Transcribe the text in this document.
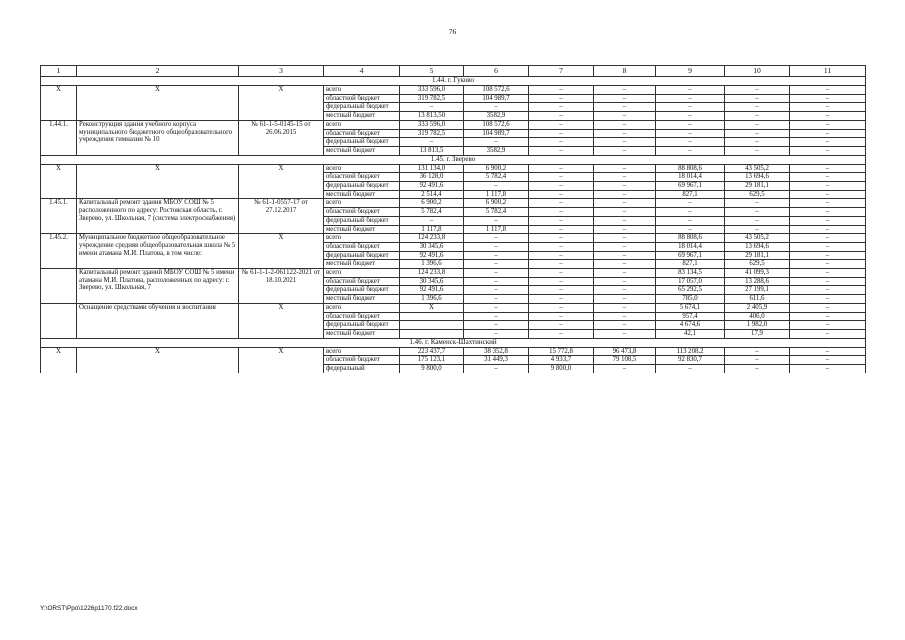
76
1	2	3	4	5	6	7	8	9	10	11
1.44. г. Гуково										
X	X	X	всего	333 596,0	108 572,6	–	–	–	–	–
			областной бюджет	319 782,5	104 989,7	–	–	–	–	–
			федеральный бюджет	–	–	–	–	–	–	–
			местный бюджет	13 813,50	3582,9	–	–	–	–	–
1.44.1.	Реконструкция здания учебного корпуса муниципального бюджетного общеобразовательного учреждения гимназии № 10	№ 61-1-5-0145-15 от 26.06.2015	всего	333 596,0	108 572,6	–	–	–	–	–
			областной бюджет	319 782,5	104 989,7	–	–	–	–	–
			федеральный бюджет	–	–	–	–	–	–	–
			местный бюджет	13 813,5	3582,9	–	–	–	–	–
1.45. г. Зверево										
X	X	X	всего	131 134,0	6 900,2	–	–	88 808,6	43 505,2	–
			областной бюджет	36 128,0	5 782,4	–	–	18 014,4	13 694,6	–
			федеральный бюджет	92 491,6	–	–	–	69 967,1	29 181,1	–
			местный бюджет	2 514,4	1 117,8	–	–	827,1	629,5	–
1.45.1.	Капитальный ремонт здания МБОУ СОШ № 5 расположенного по адресу: Ростовская область, г. Зверево, ул. Школьная, 7 (система электроснабжения)	№ 61-1-0557-17 от 27.12.2017	всего	6 900,2	6 900,2	–	–	–	–	–
			областной бюджет	5 782,4	5 782,4	–	–	–	–	–
			федеральный бюджет	–	–	–	–	–	–	–
			местный бюджет	1 117,8	1 117,8	–	–	–	–	–
1.45.2.	Муниципальное бюджетное общеобразовательное учреждение средняя общеобразовательная школа № 5 имени атамана М.И. Платова, в том числе:	X	всего	124 233,8	–	–	–	88 808,6	43 505,2	–
			областной бюджет	30 345,6	–	–	–	18 014,4	13 694,6	–
			федеральный бюджет	92 491,6	–	–	–	69 967,1	29 181,1	–
			местный бюджет	1 396,6	–	–	–	827,1	629,5	–
	Капитальный ремонт зданий МБОУ СОШ № 5 имени атамана М.И. Платова, расположенных по адресу: г. Зверево, ул. Школьная, 7	№ 61-1-1-2-061122-2021 от 18.10.2021	всего	124 233,8	–	–	–	83 134,5	41 099,3	–
			областной бюджет	30 345,6	–	–	–	17 057,0	13 288,6	–
			федеральный бюджет	92 491,6	–	–	–	65 292,5	27 199,1	–
			местный бюджет	1 396,6	–	–	–	785,0	611,6	–
	Оснащение средствами обучения и воспитания	X	всего	X	–	–	–	5 674,1	2 405,9	–
			областной бюджет		–	–	–	957,4	406,0	–
			федеральный бюджет		–	–	–	4 674,6	1 982,0	–
			местный бюджет		–	–	–	42,1	17,9	–
1.46. г. Каменск-Шахтинский										
X	X	X	всего	223 437,7	38 352,8	15 772,8	96 473,8	113 208,2	–	–
			областной бюджет	175 123,1	31 449,3	4 933,7	79 108,5	92 830,7	–	–
			федеральный	9 800,0	–	9 800,0	–	–	–	–
Y:\ORST\Ppo\1226p1170.f22.docx
